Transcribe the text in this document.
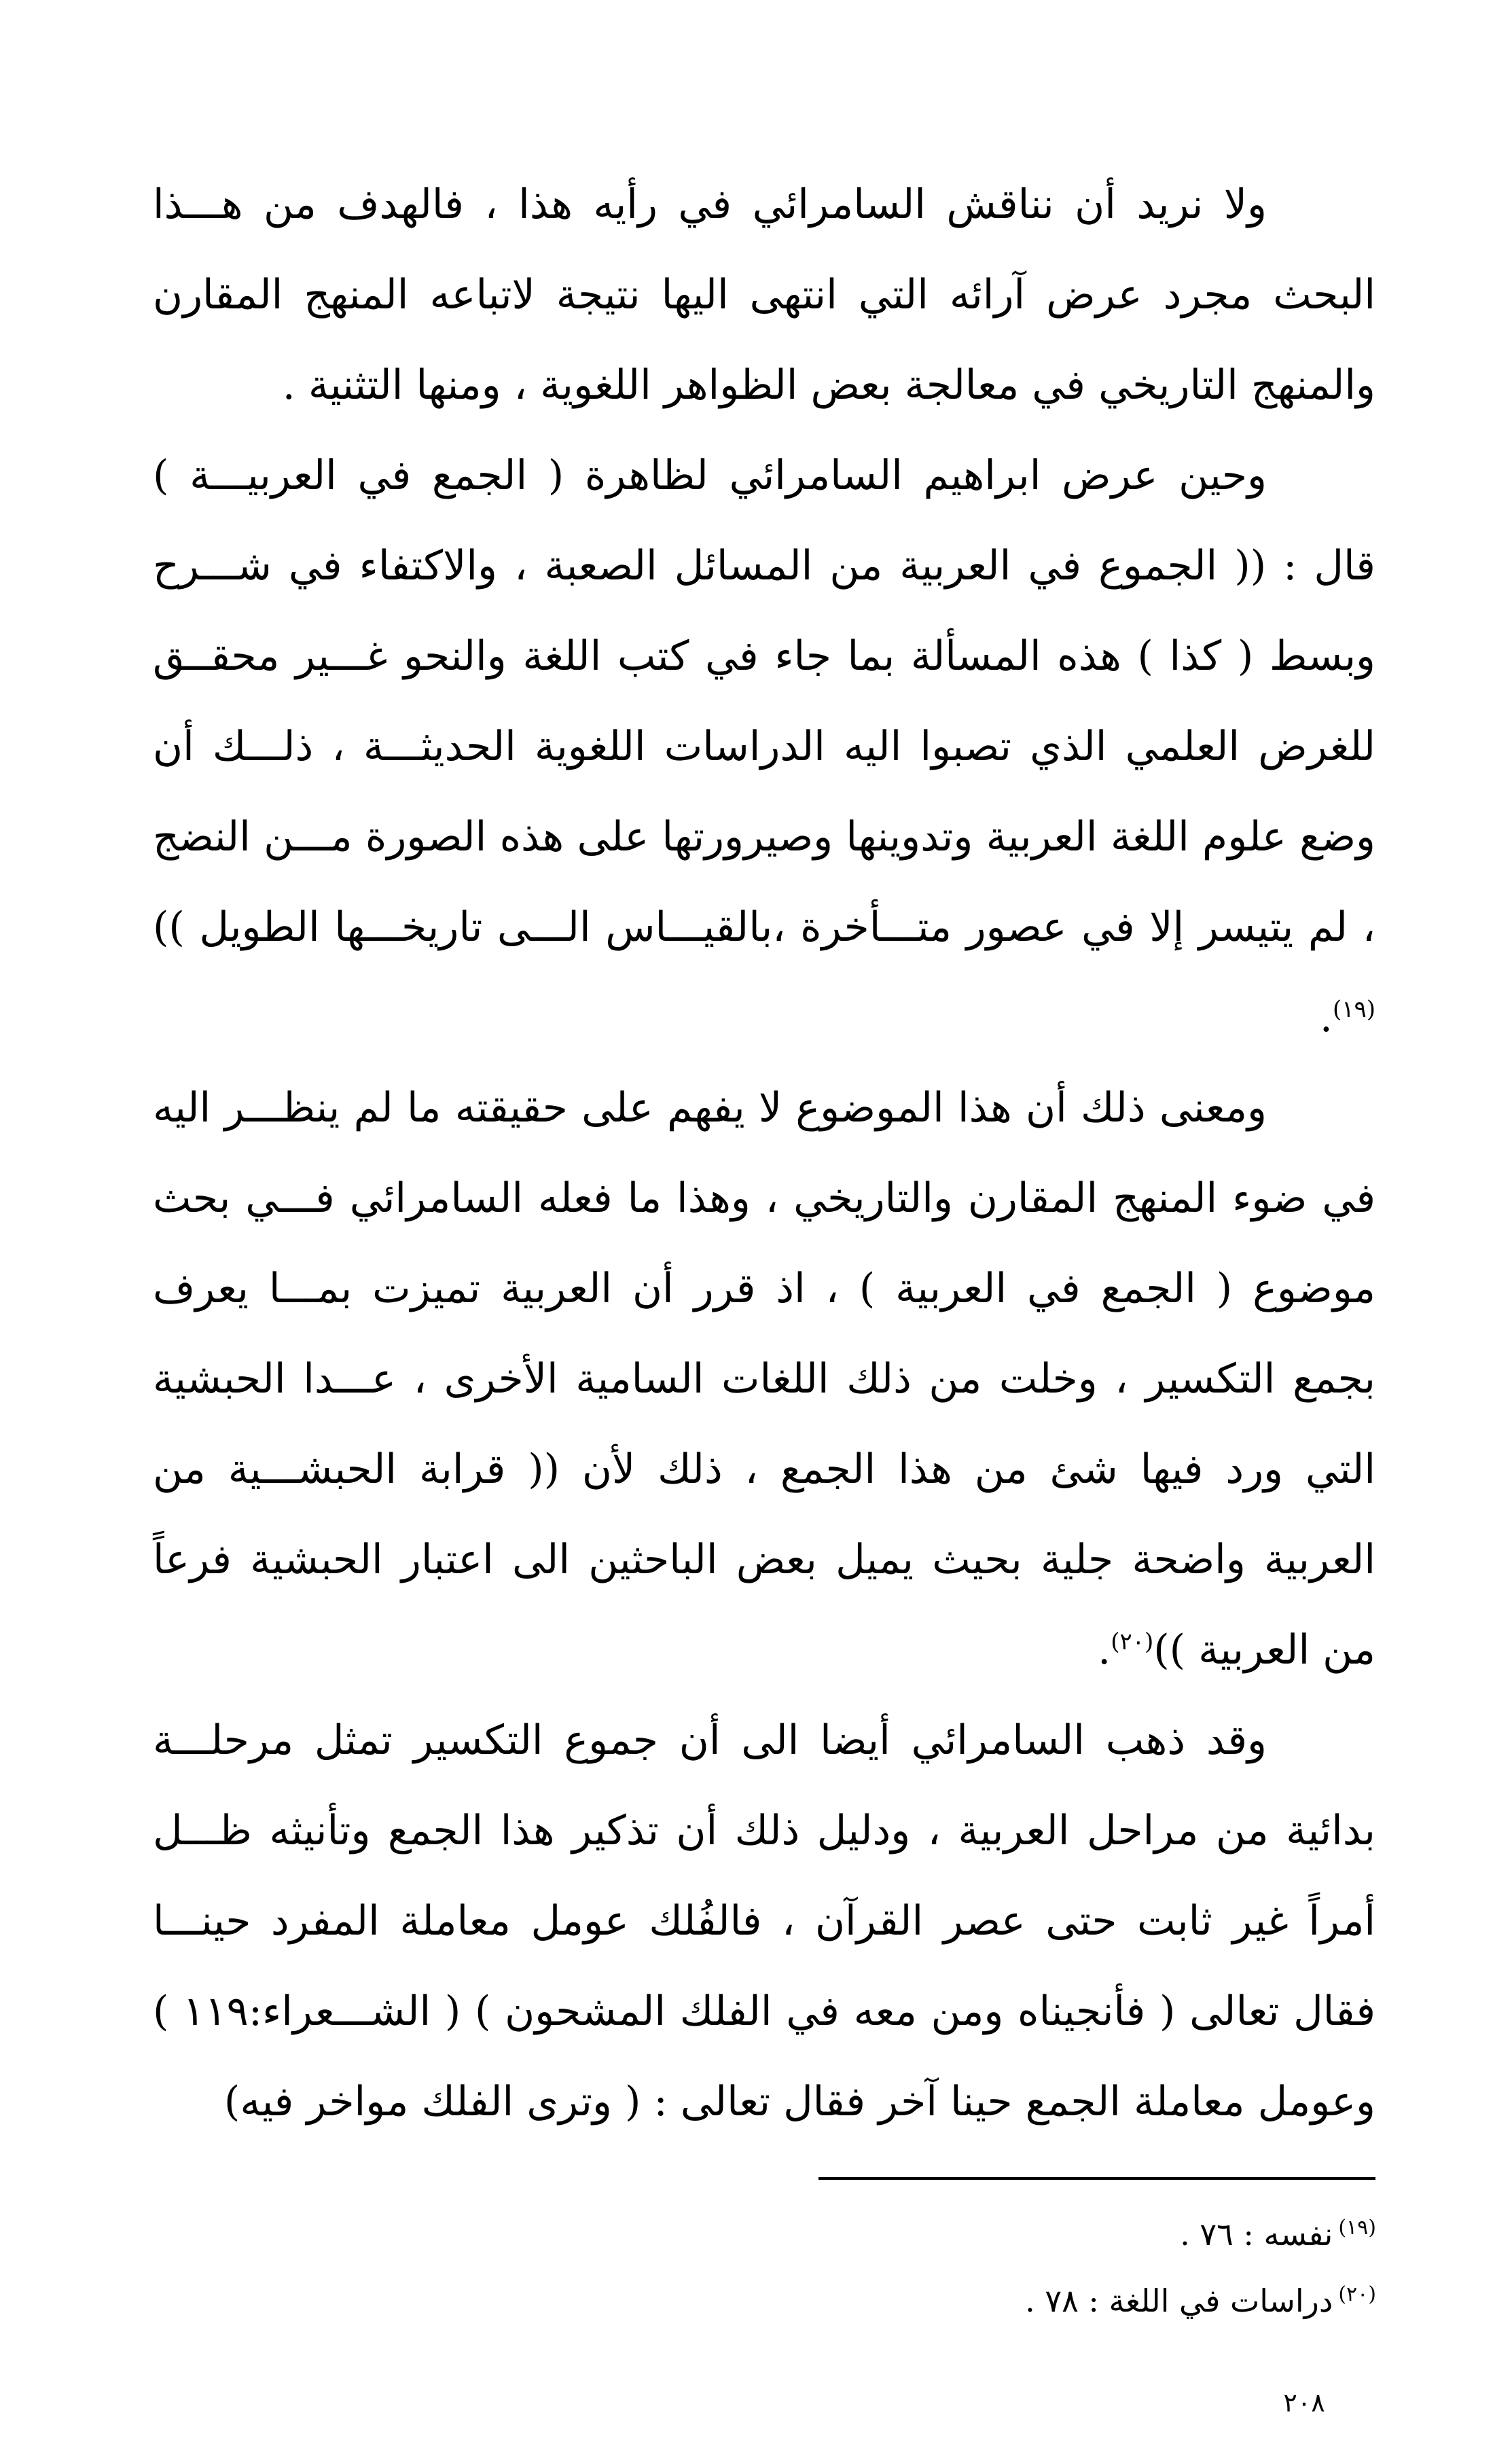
ولا نريد أن نناقش السامرائي في رأيه هذا ، فالهدف من هـــذا البحث مجرد عرض آرائه التي انتهى اليها نتيجة لاتباعه المنهج المقارن والمنهج التاريخي في معالجة بعض الظواهر اللغوية ، ومنها التثنية .

وحين عرض ابراهيم السامرائي لظاهرة ( الجمع في العربيـــة ) قال : (( الجموع في العربية من المسائل الصعبة ، والاكتفاء في شـــرح وبسط ( كذا ) هذه المسألة بما جاء في كتب اللغة والنحو غـــير محقــق للغرض العلمي الذي تصبوا اليه الدراسات اللغوية الحديثـــة ، ذلـــك أن وضع علوم اللغة العربية وتدوينها وصيرورتها على هذه الصورة مـــن النضج ، لم يتيسر إلا في عصور متـــأخرة ،بالقيـــاس الـــى تاريخـــها الطويل ))$^{(١٩)}$.

ومعنى ذلك أن هذا الموضوع لا يفهم على حقيقته ما لم ينظـــر اليه في ضوء المنهج المقارن والتاريخي ، وهذا ما فعله السامرائي فـــي بحث موضوع ( الجمع في العربية ) ، اذ قرر أن العربية تميزت بمـــا يعرف بجمع التكسير ، وخلت من ذلك اللغات السامية الأخرى ، عـــدا الحبشية التي ورد فيها شئ من هذا الجمع ، ذلك لأن (( قرابة الحبشـــية من العربية واضحة جلية بحيث يميل بعض الباحثين الى اعتبار الحبشية فرعاً من العربية ))$^{(٢٠)}$.

وقد ذهب السامرائي أيضا الى أن جموع التكسير تمثل مرحلـــة بدائية من مراحل العربية ، ودليل ذلك أن تذكير هذا الجمع وتأنيثه ظـــل أمراً غير ثابت حتى عصر القرآن ، فالفُلك عومل معاملة المفرد حينـــا فقال تعالى ( فأنجيناه ومن معه في الفلك المشحون ) ( الشـــعراء:١١٩ ) وعومل معاملة الجمع حينا آخر فقال تعالى : ( وترى الفلك مواخر فيه)

$^{(١٩)}$نفسه : ٧٦ .

$^{(٢٠)}$دراسات في اللغة : ٧٨ .

٢٠٨
